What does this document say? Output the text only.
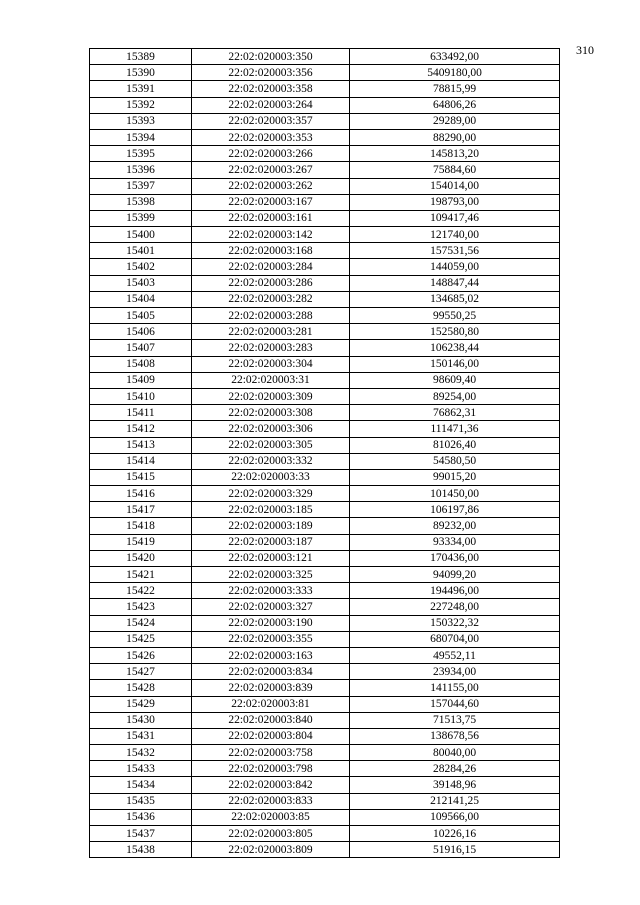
310
15389	22:02:020003:350	633492,00
15390	22:02:020003:356	5409180,00
15391	22:02:020003:358	78815,99
15392	22:02:020003:264	64806,26
15393	22:02:020003:357	29289,00
15394	22:02:020003:353	88290,00
15395	22:02:020003:266	145813,20
15396	22:02:020003:267	75884,60
15397	22:02:020003:262	154014,00
15398	22:02:020003:167	198793,00
15399	22:02:020003:161	109417,46
15400	22:02:020003:142	121740,00
15401	22:02:020003:168	157531,56
15402	22:02:020003:284	144059,00
15403	22:02:020003:286	148847,44
15404	22:02:020003:282	134685,02
15405	22:02:020003:288	99550,25
15406	22:02:020003:281	152580,80
15407	22:02:020003:283	106238,44
15408	22:02:020003:304	150146,00
15409	22:02:020003:31	98609,40
15410	22:02:020003:309	89254,00
15411	22:02:020003:308	76862,31
15412	22:02:020003:306	111471,36
15413	22:02:020003:305	81026,40
15414	22:02:020003:332	54580,50
15415	22:02:020003:33	99015,20
15416	22:02:020003:329	101450,00
15417	22:02:020003:185	106197,86
15418	22:02:020003:189	89232,00
15419	22:02:020003:187	93334,00
15420	22:02:020003:121	170436,00
15421	22:02:020003:325	94099,20
15422	22:02:020003:333	194496,00
15423	22:02:020003:327	227248,00
15424	22:02:020003:190	150322,32
15425	22:02:020003:355	680704,00
15426	22:02:020003:163	49552,11
15427	22:02:020003:834	23934,00
15428	22:02:020003:839	141155,00
15429	22:02:020003:81	157044,60
15430	22:02:020003:840	71513,75
15431	22:02:020003:804	138678,56
15432	22:02:020003:758	80040,00
15433	22:02:020003:798	28284,26
15434	22:02:020003:842	39148,96
15435	22:02:020003:833	212141,25
15436	22:02:020003:85	109566,00
15437	22:02:020003:805	10226,16
15438	22:02:020003:809	51916,15
